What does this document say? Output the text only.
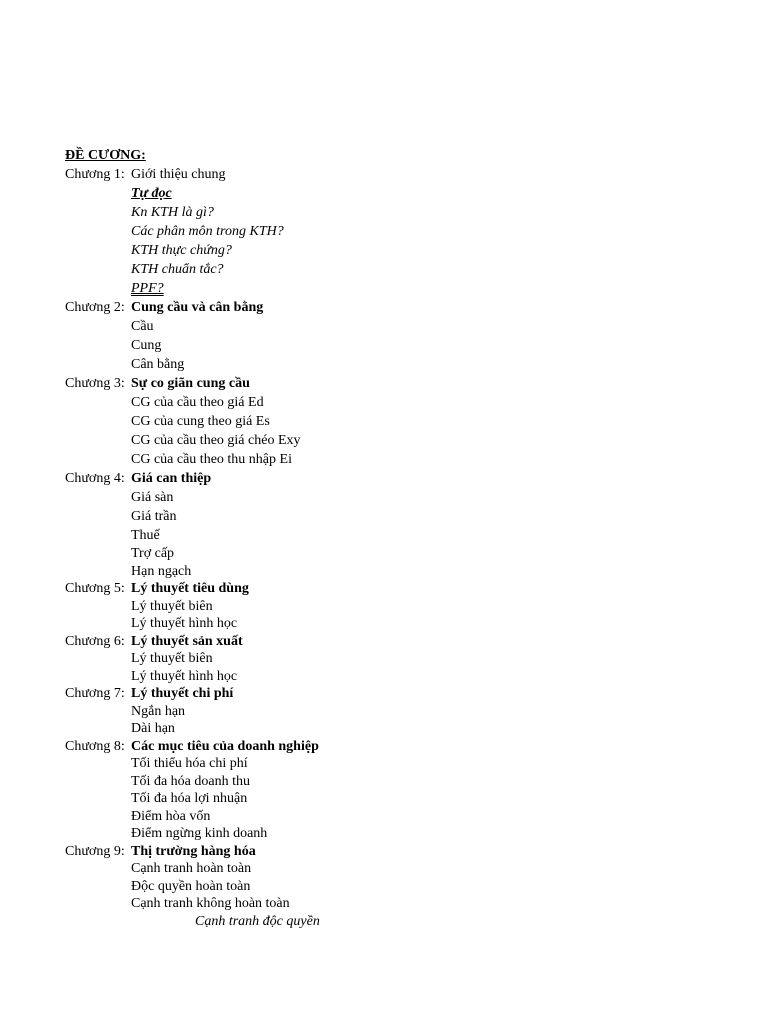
ĐỀ CƯƠNG:
Chương 1: Giới thiệu chung
Tự đọc
Kn KTH là gì?
Các phân môn trong KTH?
KTH thực chứng?
KTH chuẩn tắc?
PPF?
Chương 2: Cung cầu và cân bằng
Cầu
Cung
Cân bằng
Chương 3: Sự co giãn cung cầu
CG của cầu theo giá Ed
CG của cung theo giá Es
CG của cầu theo giá chéo Exy
CG của cầu theo thu nhập Ei
Chương 4: Giá can thiệp
Giá sàn
Giá trần
Thuế
Trợ cấp
Hạn ngạch
Chương 5: Lý thuyết tiêu dùng
Lý thuyết biên
Lý thuyết hình học
Chương 6: Lý thuyết sản xuất
Lý thuyết biên
Lý thuyết hình học
Chương 7: Lý thuyết chi phí
Ngắn hạn
Dài hạn
Chương 8: Các mục tiêu của doanh nghiệp
Tối thiểu hóa chi phí
Tối đa hóa doanh thu
Tối đa hóa lợi nhuận
Điểm hòa vốn
Điểm ngừng kinh doanh
Chương 9: Thị trường hàng hóa
Cạnh tranh hoàn toàn
Độc quyền hoàn toàn
Cạnh tranh không hoàn toàn
Cạnh tranh độc quyền
